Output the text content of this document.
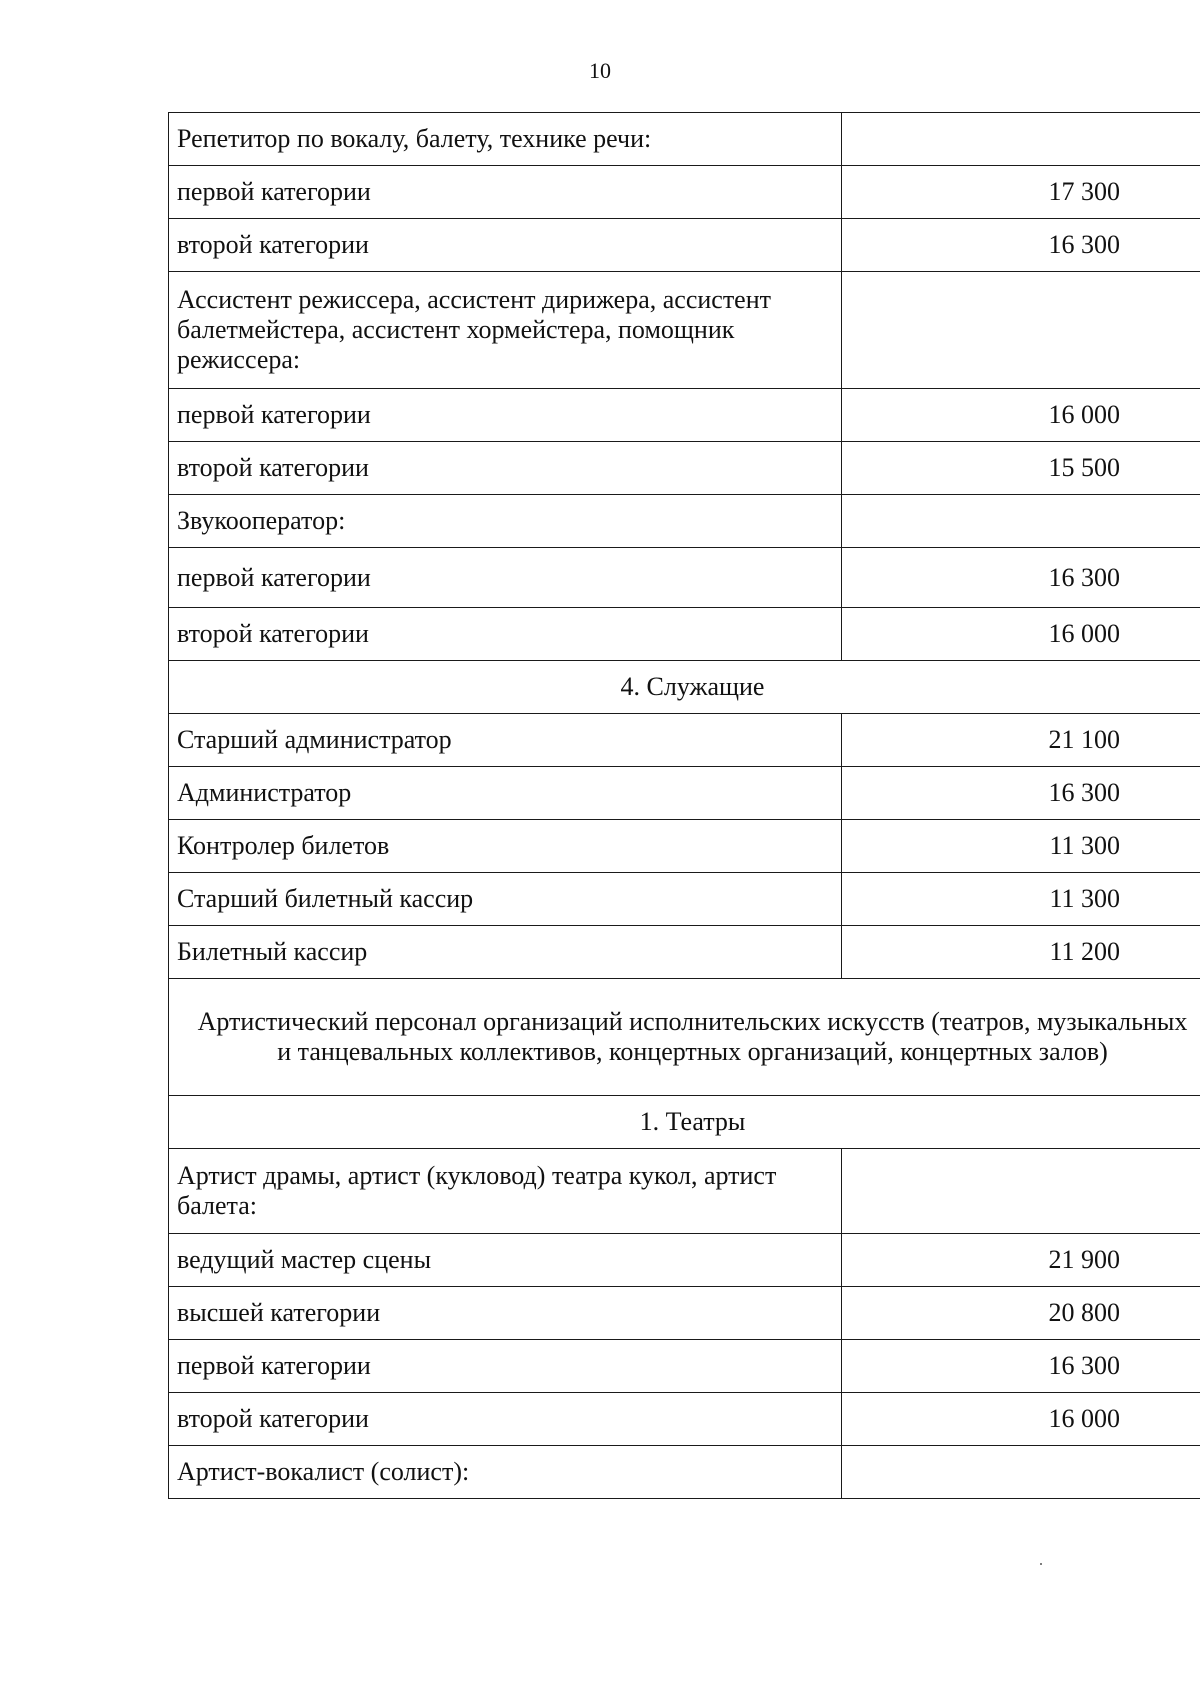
10
Репетитор по вокалу, балету, технике речи:	
первой категории	17 300
второй категории	16 300
Ассистент режиссера, ассистент дирижера, ассистент балетмейстера, ассистент хормейстера, помощник режиссера:	
первой категории	16 000
второй категории	15 500
Звукооператор:	
первой категории	16 300
второй категории	16 000
4. Служащие	
Старший администратор	21 100
Администратор	16 300
Контролер билетов	11 300
Старший билетный кассир	11 300
Билетный кассир	11 200
Артистический персонал организаций исполнительских искусств (театров, музыкальных и танцевальных коллективов, концертных организаций, концертных залов)	
1. Театры	
Артист драмы, артист (кукловод) театра кукол, артист балета:	
ведущий мастер сцены	21 900
высшей категории	20 800
первой категории	16 300
второй категории	16 000
Артист-вокалист (солист):	
